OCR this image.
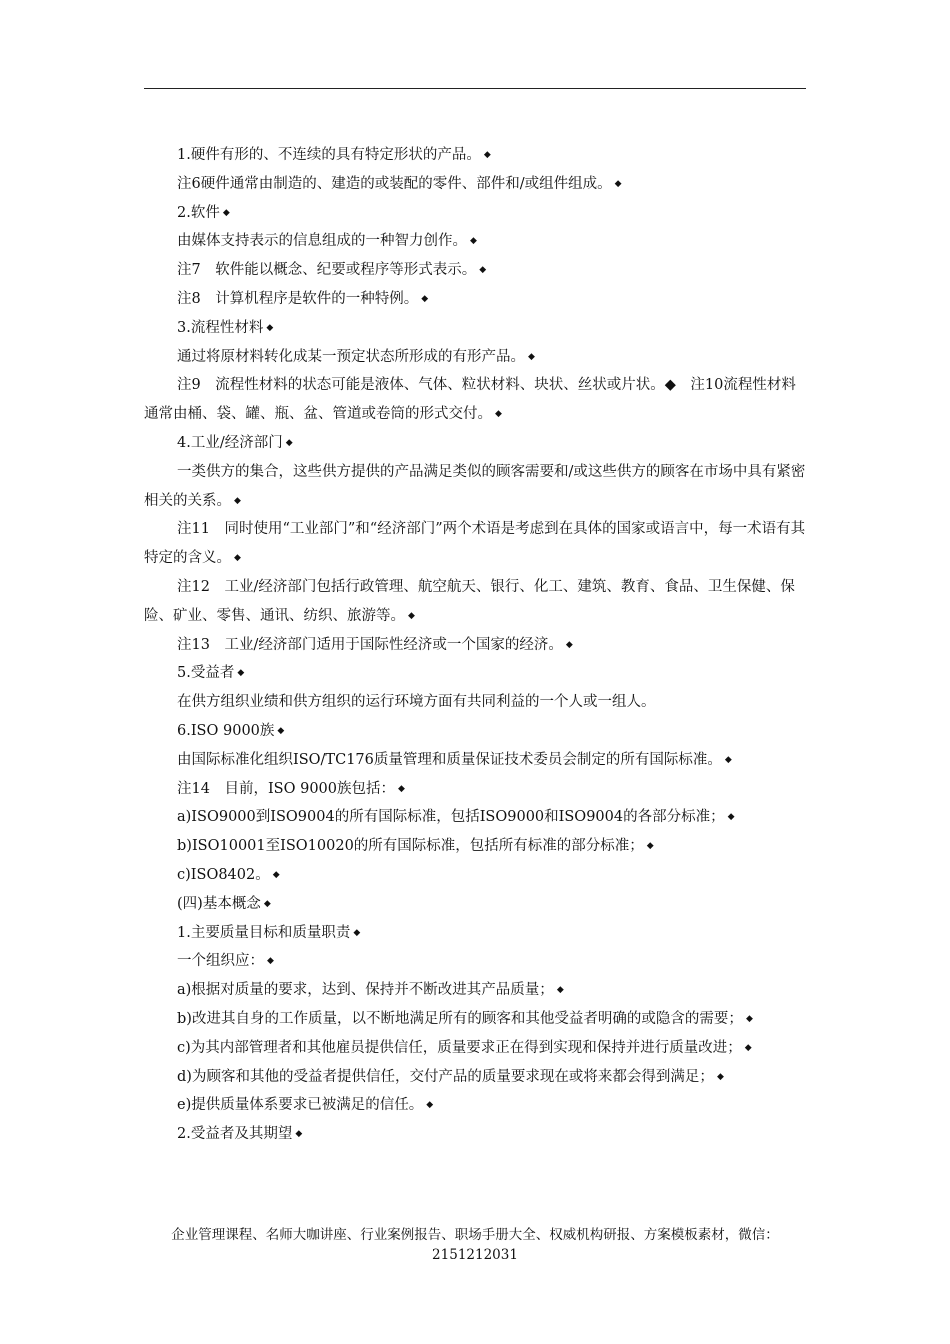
1.硬件有形的、不连续的具有特定形状的产品。 ◆

注6硬件通常由制造的、建造的或装配的零件、部件和/或组件组成。 ◆

2.软件 ◆

由媒体支持表示的信息组成的一种智力创作。 ◆

注7　软件能以概念、纪要或程序等形式表示。 ◆

注8　计算机程序是软件的一种特例。 ◆

3.流程性材料 ◆

通过将原材料转化成某一预定状态所形成的有形产品。 ◆

注9　流程性材料的状态可能是液体、气体、粒状材料、块状、丝状或片状。◆　注10流程性材料通常由桶、袋、罐、瓶、盆、管道或卷筒的形式交付。 ◆

4.工业/经济部门 ◆

一类供方的集合，这些供方提供的产品满足类似的顾客需要和/或这些供方的顾客在市场中具有紧密相关的关系。 ◆

注11　同时使用“工业部门”和“经济部门”两个术语是考虑到在具体的国家或语言中，每一术语有其特定的含义。 ◆

注12　工业/经济部门包括行政管理、航空航天、银行、化工、建筑、教育、食品、卫生保健、保险、矿业、零售、通讯、纺织、旅游等。 ◆

注13　工业/经济部门适用于国际性经济或一个国家的经济。 ◆

5.受益者 ◆

在供方组织业绩和供方组织的运行环境方面有共同利益的一个人或一组人。

6.ISO 9000族 ◆

由国际标准化组织ISO/TC176质量管理和质量保证技术委员会制定的所有国际标准。 ◆

注14　目前，ISO 9000族包括： ◆

a)ISO9000到ISO9004的所有国际标准，包括ISO9000和ISO9004的各部分标准； ◆

b)ISO10001至ISO10020的所有国际标准，包括所有标准的部分标准； ◆

c)ISO8402。 ◆

(四)基本概念 ◆

1.主要质量目标和质量职责 ◆

一个组织应： ◆

a)根据对质量的要求，达到、保持并不断改进其产品质量； ◆

b)改进其自身的工作质量，以不断地满足所有的顾客和其他受益者明确的或隐含的需要； ◆

c)为其内部管理者和其他雇员提供信任，质量要求正在得到实现和保持并进行质量改进； ◆

d)为顾客和其他的受益者提供信任，交付产品的质量要求现在或将来都会得到满足； ◆

e)提供质量体系要求已被满足的信任。 ◆

2.受益者及其期望 ◆

企业管理课程、名师大咖讲座、行业案例报告、职场手册大全、权威机构研报、方案模板素材，微信：
2151212031
